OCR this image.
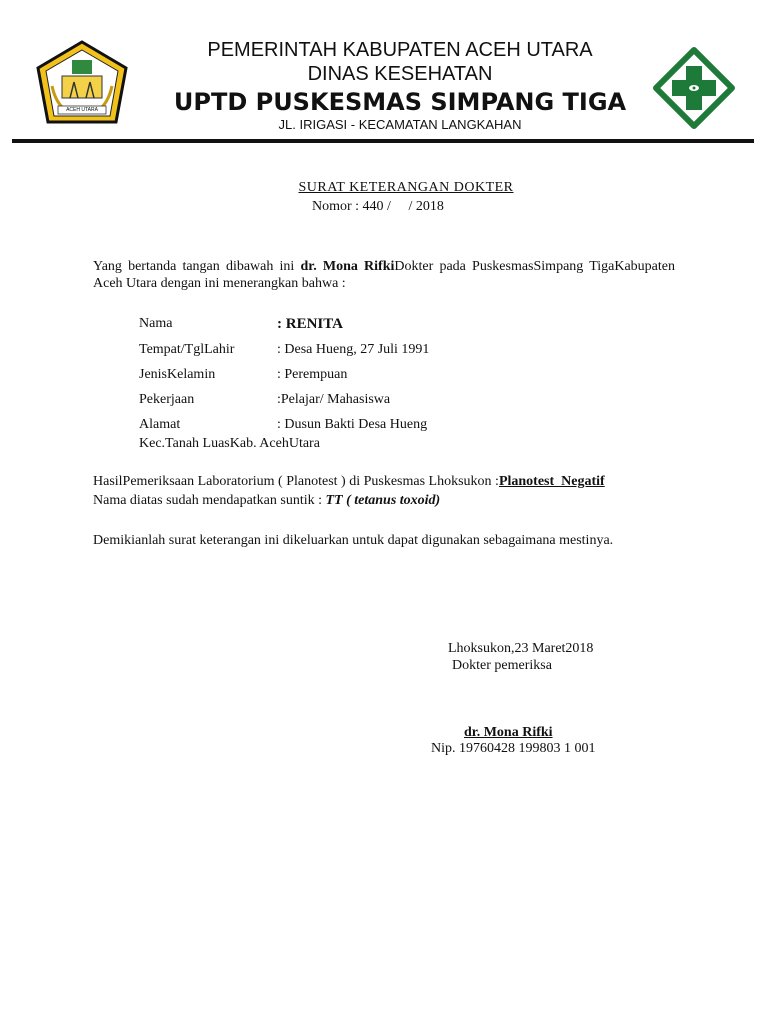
ACEH UTARA
PEMERINTAH KABUPATEN ACEH UTARA
DINAS KESEHATAN
UPTD PUSKESMAS SIMPANG TIGA
JL. IRIGASI - KECAMATAN LANGKAHAN
SURAT KETERANGAN DOKTER
Nomor : 440 /     / 2018
Yang bertanda tangan dibawah ini dr. Mona RifkiDokter pada PuskesmasSimpang TigaKabupaten Aceh Utara dengan ini menerangkan bahwa :
Nama	: RENITA
Tempat/TglLahir	: Desa Hueng, 27 Juli 1991
JenisKelamin	: Perempuan
Pekerjaan	:Pelajar/ Mahasiswa
Alamat	: Dusun Bakti Desa Hueng
Kec.Tanah LuasKab. AcehUtara
HasilPemeriksaan Laboratorium ( Planotest ) di Puskesmas Lhoksukon :Planotest  Negatif
Nama diatas sudah mendapatkan suntik : TT ( tetanus toxoid)
Demikianlah surat keterangan ini dikeluarkan untuk dapat digunakan sebagaimana mestinya.
Lhoksukon,23 Maret2018
Dokter pemeriksa
dr. Mona Rifki
Nip. 19760428 199803 1 001
